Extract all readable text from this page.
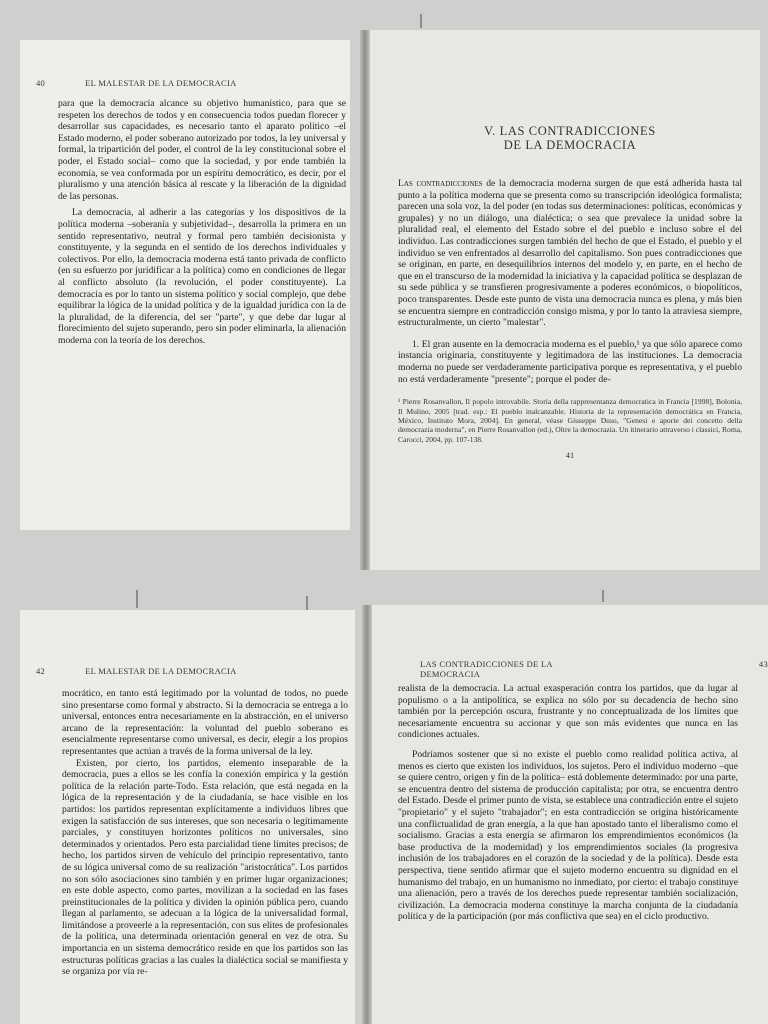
40	EL MALESTAR DE LA DEMOCRACIA

para que la democracia alcance su objetivo humanístico, para que se respeten los derechos de todos y en consecuencia todos puedan florecer y desarrollar sus capacidades, es necesario tanto el aparato político –el Estado moderno, el poder soberano autorizado por todos, la ley universal y formal, la tripartición del poder, el control de la ley constitucional sobre el poder, el Estado social– como que la sociedad, y por ende también la economía, se vea conformada por un espíritu democrático, es decir, por el pluralismo y una atención básica al rescate y la liberación de la dignidad de las personas.

La democracia, al adherir a las categorías y los dispositivos de la política moderna –soberanía y subjetividad–, desarrolla la primera en un sentido representativo, neutral y formal pero también decisionista y constituyente, y la segunda en el sentido de los derechos individuales y colectivos. Por ello, la democracia moderna está tanto privada de conflicto (en su esfuerzo por juridificar a la política) como en condiciones de llegar al conflicto absoluto (la revolución, el poder constituyente). La democracia es por lo tanto un sistema político y social complejo, que debe equilibrar la lógica de la unidad política y de la igualdad jurídica con la de la pluralidad, de la diferencia, del ser "parte", y que debe dar lugar al florecimiento del sujeto superando, pero sin poder eliminarla, la alienación moderna con la teoría de los derechos.

V. LAS CONTRADICCIONES
DE LA DEMOCRACIA

Las contradicciones de la democracia moderna surgen de que está adherida hasta tal punto a la política moderna que se presenta como su transcripción ideológica formalista; parecen una sola voz, la del poder (en todas sus determinaciones: políticas, económicas y grupales) y no un diálogo, una dialéctica; o sea que prevalece la unidad sobre la pluralidad real, el elemento del Estado sobre el del pueblo e incluso sobre el del individuo. Las contradicciones surgen también del hecho de que el Estado, el pueblo y el individuo se ven enfrentados al desarrollo del capitalismo. Son pues contradicciones que se originan, en parte, en desequilibrios internos del modelo y, en parte, en el hecho de que en el transcurso de la modernidad la iniciativa y la capacidad política se desplazan de su sede pública y se transfieren progresivamente a poderes económicos, o biopolíticos, poco transparentes. Desde este punto de vista una democracia nunca es plena, y más bien se encuentra siempre en contradicción consigo misma, y por lo tanto la atraviesa siempre, estructuralmente, un cierto "malestar".

1. El gran ausente en la democracia moderna es el pueblo,¹ ya que sólo aparece como instancia originaria, constituyente y legitimadora de las instituciones. La democracia moderna no puede ser verdaderamente participativa porque es representativa, y el pueblo no está verdaderamente "presente"; porque el poder de-

¹ Pierre Rosanvallon, Il popolo introvabile. Storia della rappresentanza democratica in Francia [1998], Bolonia, Il Mulino, 2005 [trad. esp.: El pueblo inalcanzable. Historia de la representación democrática en Francia, México, Instituto Mora, 2004]. En general, véase Giuseppe Duso, "Genesi e aporie dei concetto della democrazia moderna", en Pierre Rosanvallon (ed.), Oltre la democrazia. Un itinerario attraverso i classici, Roma, Carocci, 2004, pp. 107-138.

41
42	EL MALESTAR DE LA DEMOCRACIA

mocrático, en tanto está legitimado por la voluntad de todos, no puede sino presentarse como formal y abstracto. Si la democracia se entrega a lo universal, entonces entra necesariamente en la abstracción, en el universo arcano de la representación: la voluntad del pueblo soberano es esencialmente representarse como universal, es decir, elegir a los propios representantes que actúan a través de la forma universal de la ley.

Existen, por cierto, los partidos, elemento inseparable de la democracia, pues a ellos se les confía la conexión empírica y la gestión política de la relación parte-Todo. Esta relación, que está negada en la lógica de la representación y de la ciudadanía, se hace visible en los partidos: los partidos representan explícitamente a individuos libres que exigen la satisfacción de sus intereses, que son necesaria o legítimamente parciales, y constituyen horizontes políticos no universales, sino determinados y orientados. Pero esta parcialidad tiene límites precisos; de hecho, los partidos sirven de vehículo del principio representativo, tanto de su lógica universal como de su realización "aristocrática". Los partidos no son sólo asociaciones sino también y en primer lugar organizaciones; en este doble aspecto, como partes, movilizan a la sociedad en las fases preinstitucionales de la política y dividen la opinión pública pero, cuando llegan al parlamento, se adecuan a la lógica de la universalidad formal, limitándose a proveerle a la representación, con sus elites de profesionales de la política, una determinada orientación general en vez de otra. Su importancia en un sistema democrático reside en que los partidos son las estructuras políticas gracias a las cuales la dialéctica social se manifiesta y se organiza por vía re-

LAS CONTRADICCIONES DE LA DEMOCRACIA
43

realista de la democracia. La actual exasperación contra los partidos, que da lugar al populismo o a la antipolítica, se explica no sólo por su decadencia de hecho sino también por la percepción oscura, frustrante y no conceptualizada de los límites que necesariamente encuentra su accionar y que son más evidentes que nunca en las condiciones actuales.

Podríamos sostener que si no existe el pueblo como realidad política activa, al menos es cierto que existen los individuos, los sujetos. Pero el individuo moderno –que se quiere centro, origen y fin de la política– está doblemente determinado: por una parte, se encuentra dentro del sistema de producción capitalista; por otra, se encuentra dentro del Estado. Desde el primer punto de vista, se establece una contradicción entre el sujeto "propietario" y el sujeto "trabajador"; en esta contradicción se origina históricamente una conflictualidad de gran energía, a la que han apostado tanto el liberalismo como el socialismo. Gracias a esta energía se afirmaron los emprendimientos económicos (la base productiva de la modernidad) y los emprendimientos sociales (la progresiva inclusión de los trabajadores en el corazón de la sociedad y de la política). Desde esta perspectiva, tiene sentido afirmar que el sujeto moderno encuentra su dignidad en el humanismo del trabajo, en un humanismo no inmediato, por cierto: el trabajo constituye una alienación, pero a través de los derechos puede representar también socialización, civilización. La democracia moderna constituye la marcha conjunta de la ciudadanía política y de la participación (por más conflictiva que sea) en el ciclo productivo.
